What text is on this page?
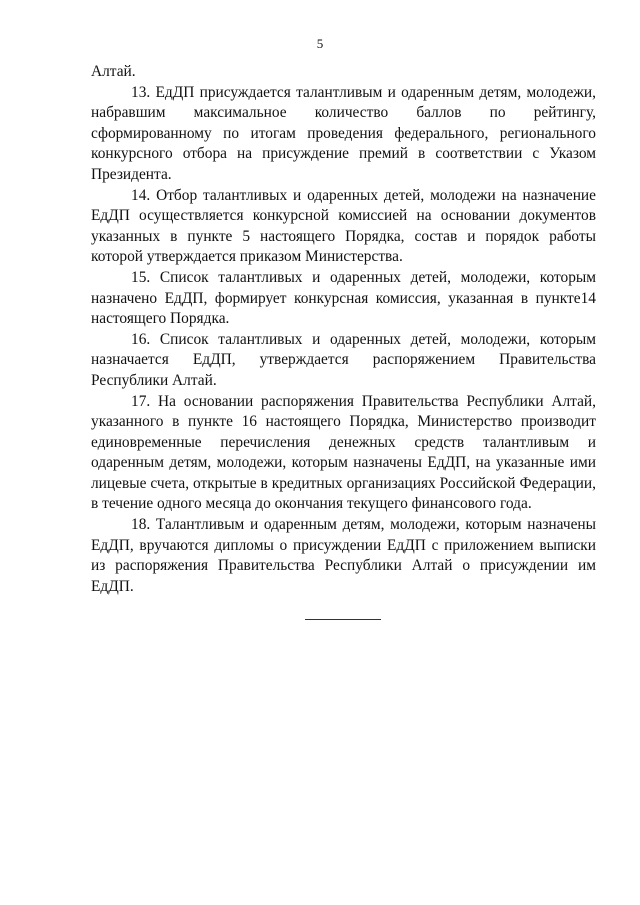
5

Алтай.

13. ЕдДП присуждается талантливым и одаренным детям, молодежи, набравшим максимальное количество баллов по рейтингу, сформированному по итогам проведения федерального, регионального конкурсного отбора на присуждение премий в соответствии с Указом Президента.

14. Отбор талантливых и одаренных детей, молодежи на назначение ЕдДП осуществляется конкурсной комиссией на основании документов указанных в пункте 5 настоящего Порядка, состав и порядок работы которой утверждается приказом Министерства.

15. Список талантливых и одаренных детей, молодежи, которым назначено ЕдДП, формирует конкурсная комиссия, указанная в пункте14 настоящего Порядка.

16. Список талантливых и одаренных детей, молодежи, которым назначается ЕдДП, утверждается распоряжением Правительства Республики Алтай.

17. На основании распоряжения Правительства Республики Алтай, указанного в пункте 16 настоящего Порядка, Министерство производит единовременные перечисления денежных средств талантливым и одаренным детям, молодежи, которым назначены ЕдДП, на указанные ими лицевые счета, открытые в кредитных организациях Российской Федерации, в течение одного месяца до окончания текущего финансового года.

18. Талантливым и одаренным детям, молодежи, которым назначены ЕдДП, вручаются дипломы о присуждении ЕдДП с приложением выписки из распоряжения Правительства Республики Алтай о присуждении им ЕдДП.
